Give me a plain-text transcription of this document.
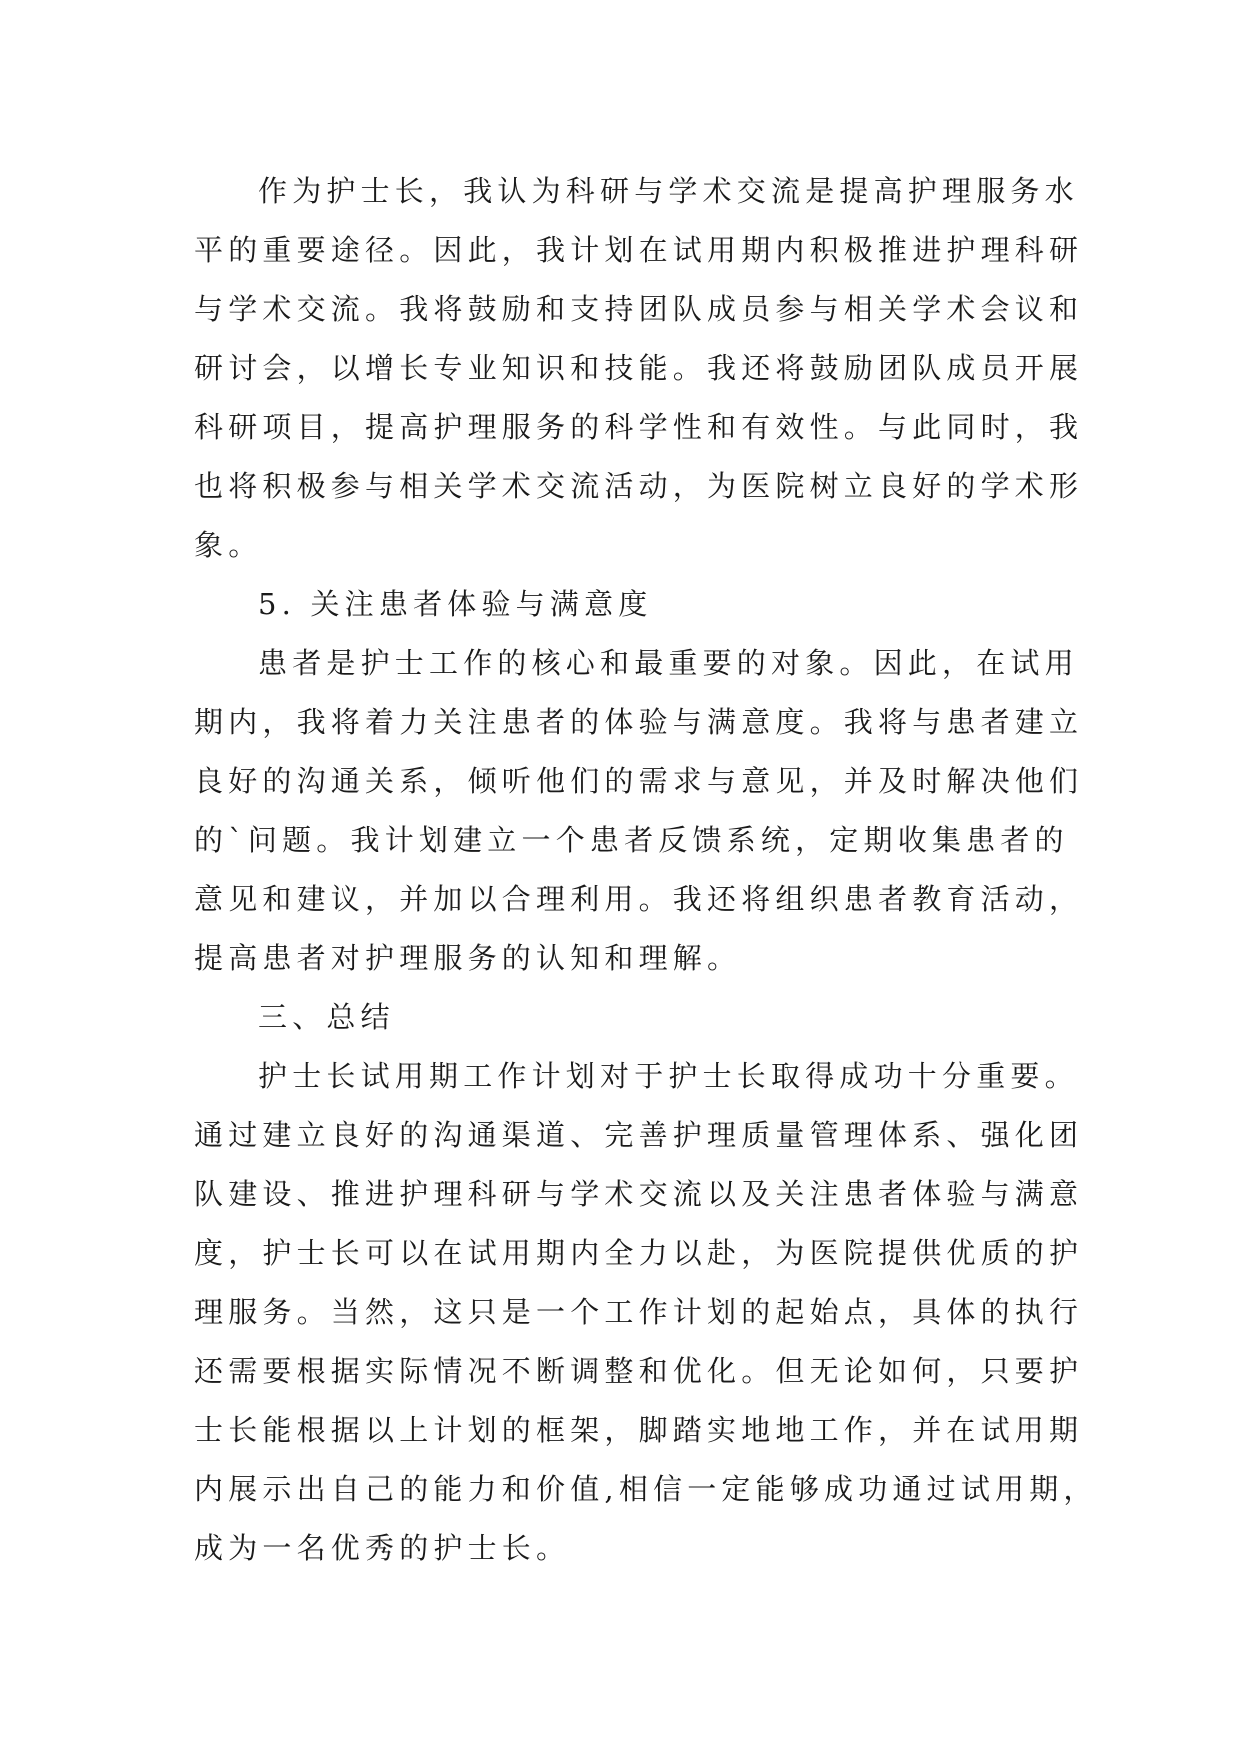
作为护士长，我认为科研与学术交流是提高护理服务水
平的重要途径。因此，我计划在试用期内积极推进护理科研
与学术交流。我将鼓励和支持团队成员参与相关学术会议和
研讨会，以增长专业知识和技能。我还将鼓励团队成员开展
科研项目，提高护理服务的科学性和有效性。与此同时，我
也将积极参与相关学术交流活动，为医院树立良好的学术形
象。
5. 关注患者体验与满意度
患者是护士工作的核心和最重要的对象。因此，在试用
期内，我将着力关注患者的体验与满意度。我将与患者建立
良好的沟通关系，倾听他们的需求与意见，并及时解决他们
的`问题。我计划建立一个患者反馈系统，定期收集患者的
意见和建议，并加以合理利用。我还将组织患者教育活动，
提高患者对护理服务的认知和理解。
三、总结
护士长试用期工作计划对于护士长取得成功十分重要。
通过建立良好的沟通渠道、完善护理质量管理体系、强化团
队建设、推进护理科研与学术交流以及关注患者体验与满意
度，护士长可以在试用期内全力以赴，为医院提供优质的护
理服务。当然，这只是一个工作计划的起始点，具体的执行
还需要根据实际情况不断调整和优化。但无论如何，只要护
士长能根据以上计划的框架，脚踏实地地工作，并在试用期
内展示出自己的能力和价值,相信一定能够成功通过试用期，
成为一名优秀的护士长。
